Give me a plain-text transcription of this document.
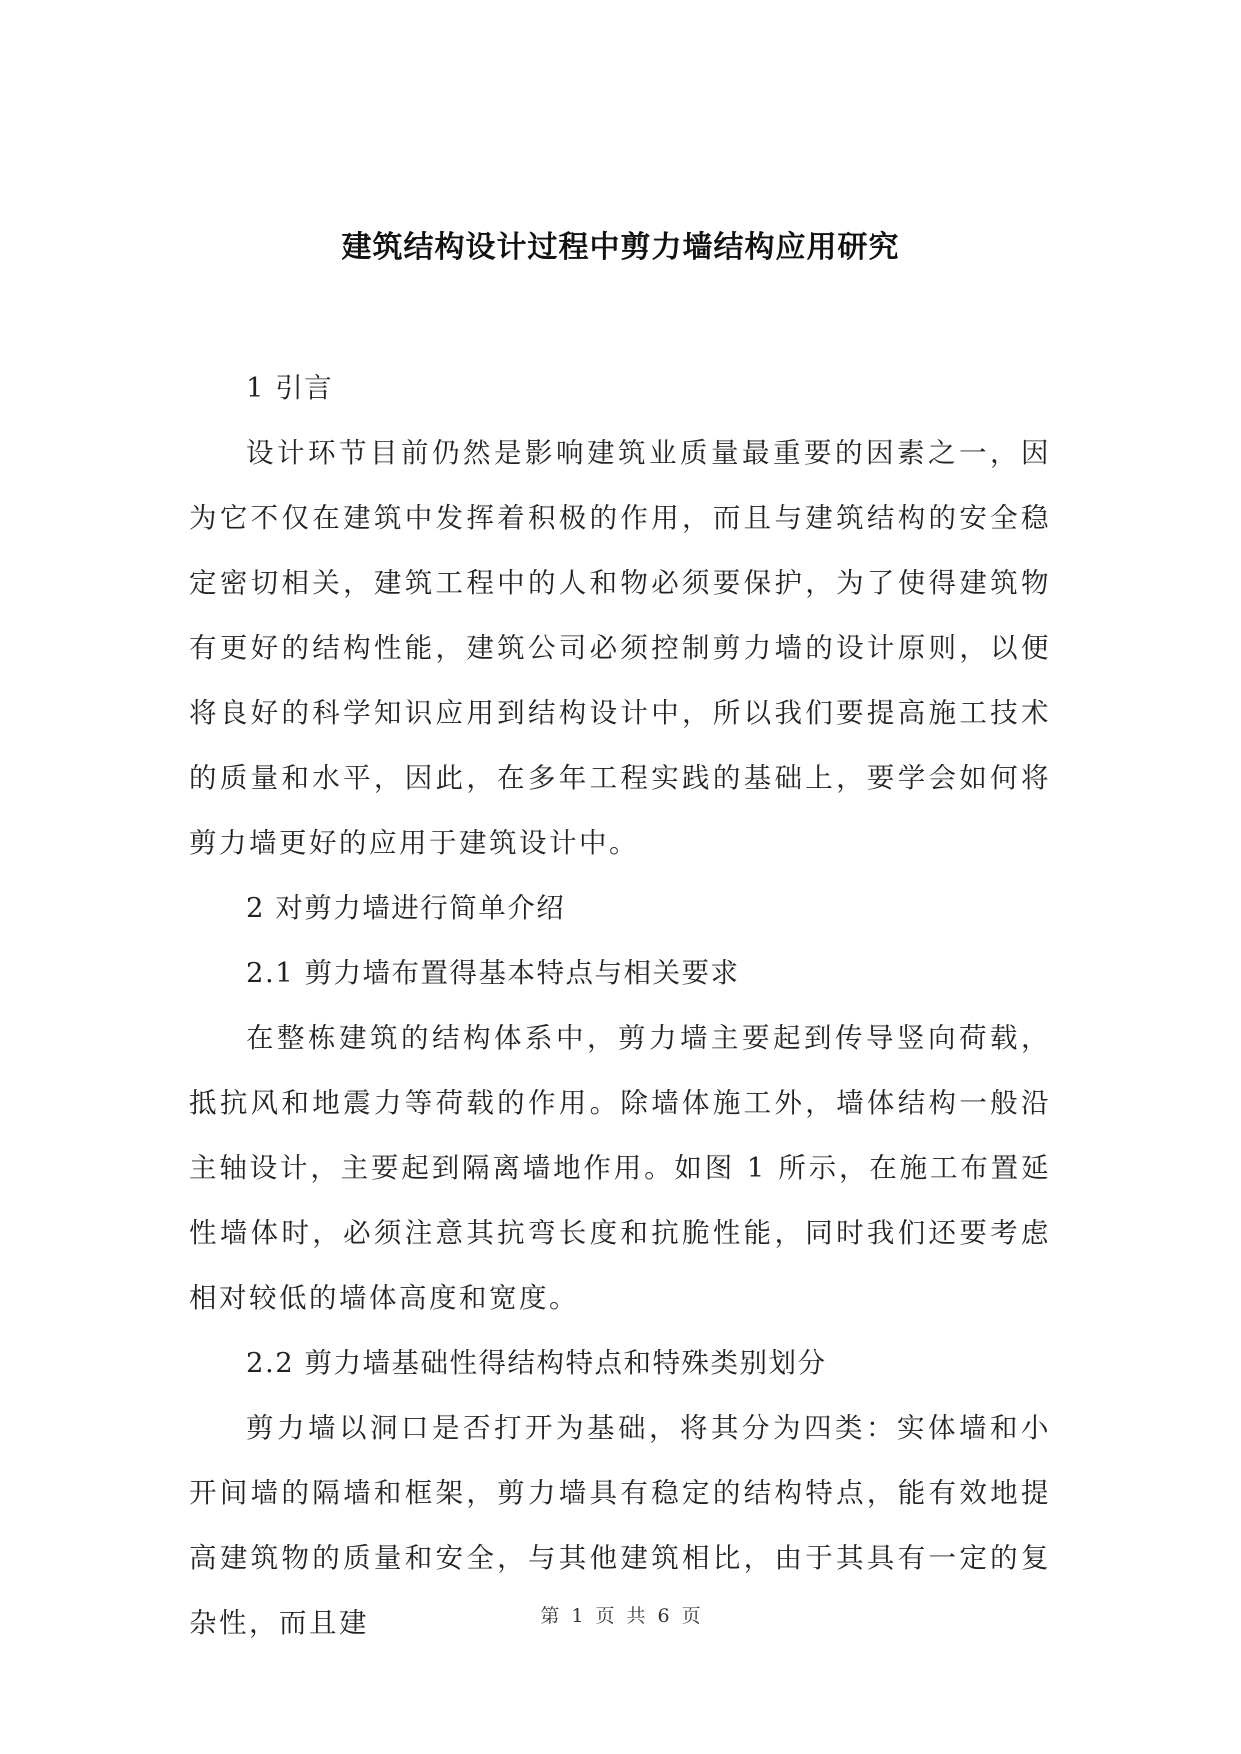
建筑结构设计过程中剪力墙结构应用研究

1 引言

设计环节目前仍然是影响建筑业质量最重要的因素之一，因为它不仅在建筑中发挥着积极的作用，而且与建筑结构的安全稳定密切相关，建筑工程中的人和物必须要保护，为了使得建筑物有更好的结构性能，建筑公司必须控制剪力墙的设计原则，以便将良好的科学知识应用到结构设计中，所以我们要提高施工技术的质量和水平，因此，在多年工程实践的基础上，要学会如何将剪力墙更好的应用于建筑设计中。

2 对剪力墙进行简单介绍

2.1 剪力墙布置得基本特点与相关要求

在整栋建筑的结构体系中，剪力墙主要起到传导竖向荷载，抵抗风和地震力等荷载的作用。除墙体施工外，墙体结构一般沿主轴设计，主要起到隔离墙地作用。如图 1 所示，在施工布置延性墙体时，必须注意其抗弯长度和抗脆性能，同时我们还要考虑相对较低的墙体高度和宽度。

2.2 剪力墙基础性得结构特点和特殊类别划分

剪力墙以洞口是否打开为基础，将其分为四类：实体墙和小开间墙的隔墙和框架，剪力墙具有稳定的结构特点，能有效地提高建筑物的质量和安全，与其他建筑相比，由于其具有一定的复杂性，而且建	第 1 页 共 6 页
